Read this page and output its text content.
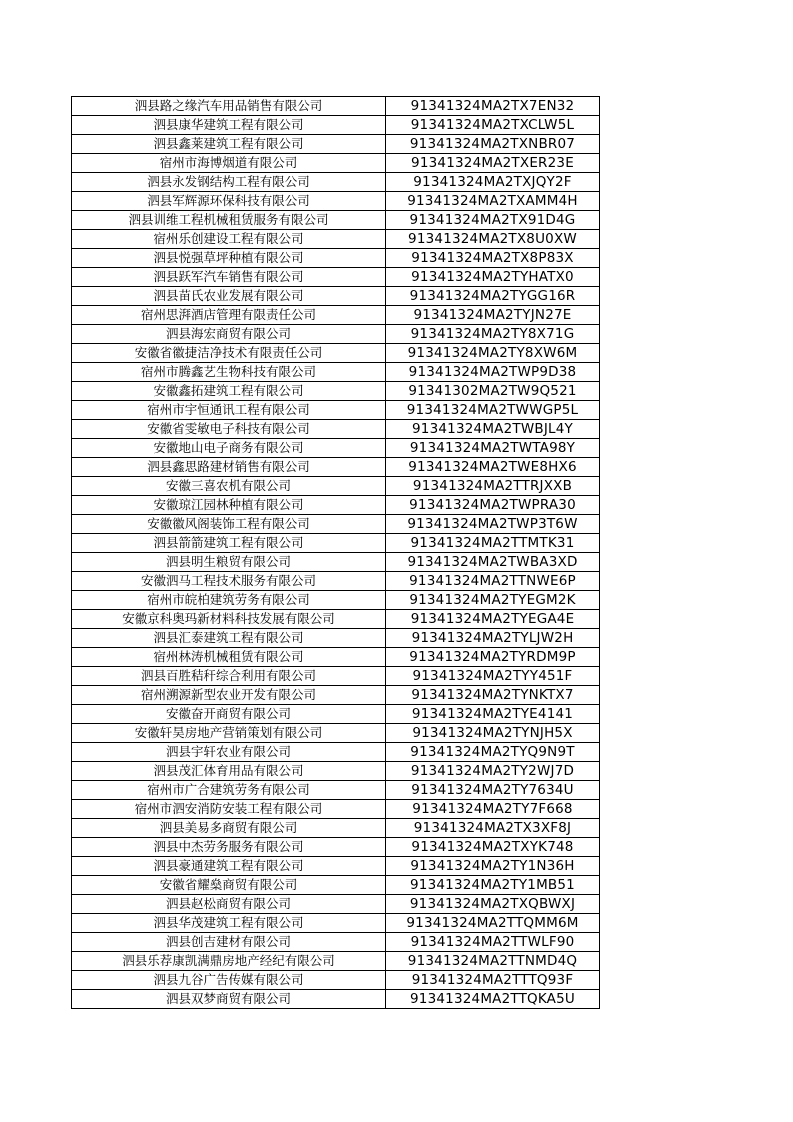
泗县路之缘汽车用品销售有限公司	91341324MA2TX7EN32
泗县康华建筑工程有限公司	91341324MA2TXCLW5L
泗县鑫莱建筑工程有限公司	91341324MA2TXNBR07
宿州市海博烟道有限公司	91341324MA2TXER23E
泗县永发钢结构工程有限公司	91341324MA2TXJQY2F
泗县军辉源环保科技有限公司	91341324MA2TXAMM4H
泗县训维工程机械租赁服务有限公司	91341324MA2TX91D4G
宿州乐创建设工程有限公司	91341324MA2TX8U0XW
泗县悦强草坪种植有限公司	91341324MA2TX8P83X
泗县跃军汽车销售有限公司	91341324MA2TYHATX0
泗县苗氏农业发展有限公司	91341324MA2TYGG16R
宿州思湃酒店管理有限责任公司	91341324MA2TYJN27E
泗县海宏商贸有限公司	91341324MA2TY8X71G
安徽省徽捷洁净技术有限责任公司	91341324MA2TY8XW6M
宿州市腾鑫艺生物科技有限公司	91341324MA2TWP9D38
安徽鑫拓建筑工程有限公司	91341302MA2TW9Q521
宿州市宇恒通讯工程有限公司	91341324MA2TWWGP5L
安徽省雯敏电子科技有限公司	91341324MA2TWBJL4Y
安徽地山电子商务有限公司	91341324MA2TWTA98Y
泗县鑫思路建材销售有限公司	91341324MA2TWE8HX6
安徽三喜农机有限公司	91341324MA2TTRJXXB
安徽琼江园林种植有限公司	91341324MA2TWPRA30
安徽徽风阁装饰工程有限公司	91341324MA2TWP3T6W
泗县箭箭建筑工程有限公司	91341324MA2TTMTK31
泗县明生粮贸有限公司	91341324MA2TWBA3XD
安徽泗马工程技术服务有限公司	91341324MA2TTNWE6P
宿州市皖柏建筑劳务有限公司	91341324MA2TYEGM2K
安徽京科奥玛新材料科技发展有限公司	91341324MA2TYEGA4E
泗县汇泰建筑工程有限公司	91341324MA2TYLJW2H
宿州林涛机械租赁有限公司	91341324MA2TYRDM9P
泗县百胜秸秆综合利用有限公司	91341324MA2TYY451F
宿州溯源新型农业开发有限公司	91341324MA2TYNKTX7
安徽奋开商贸有限公司	91341324MA2TYE4141
安徽轩昊房地产营销策划有限公司	91341324MA2TYNJH5X
泗县宇轩农业有限公司	91341324MA2TYQ9N9T
泗县茂汇体育用品有限公司	91341324MA2TY2WJ7D
宿州市广合建筑劳务有限公司	91341324MA2TY7634U
宿州市泗安消防安装工程有限公司	91341324MA2TY7F668
泗县美易多商贸有限公司	91341324MA2TX3XF8J
泗县中杰劳务服务有限公司	91341324MA2TXYK748
泗县豪通建筑工程有限公司	91341324MA2TY1N36H
安徽省耀燊商贸有限公司	91341324MA2TY1MB51
泗县赵松商贸有限公司	91341324MA2TXQBWXJ
泗县华茂建筑工程有限公司	91341324MA2TTQMM6M
泗县创吉建材有限公司	91341324MA2TTWLF90
泗县乐荐康凯满鼎房地产经纪有限公司	91341324MA2TTNMD4Q
泗县九谷广告传媒有限公司	91341324MA2TTTQ93F
泗县双梦商贸有限公司	91341324MA2TTQKA5U
